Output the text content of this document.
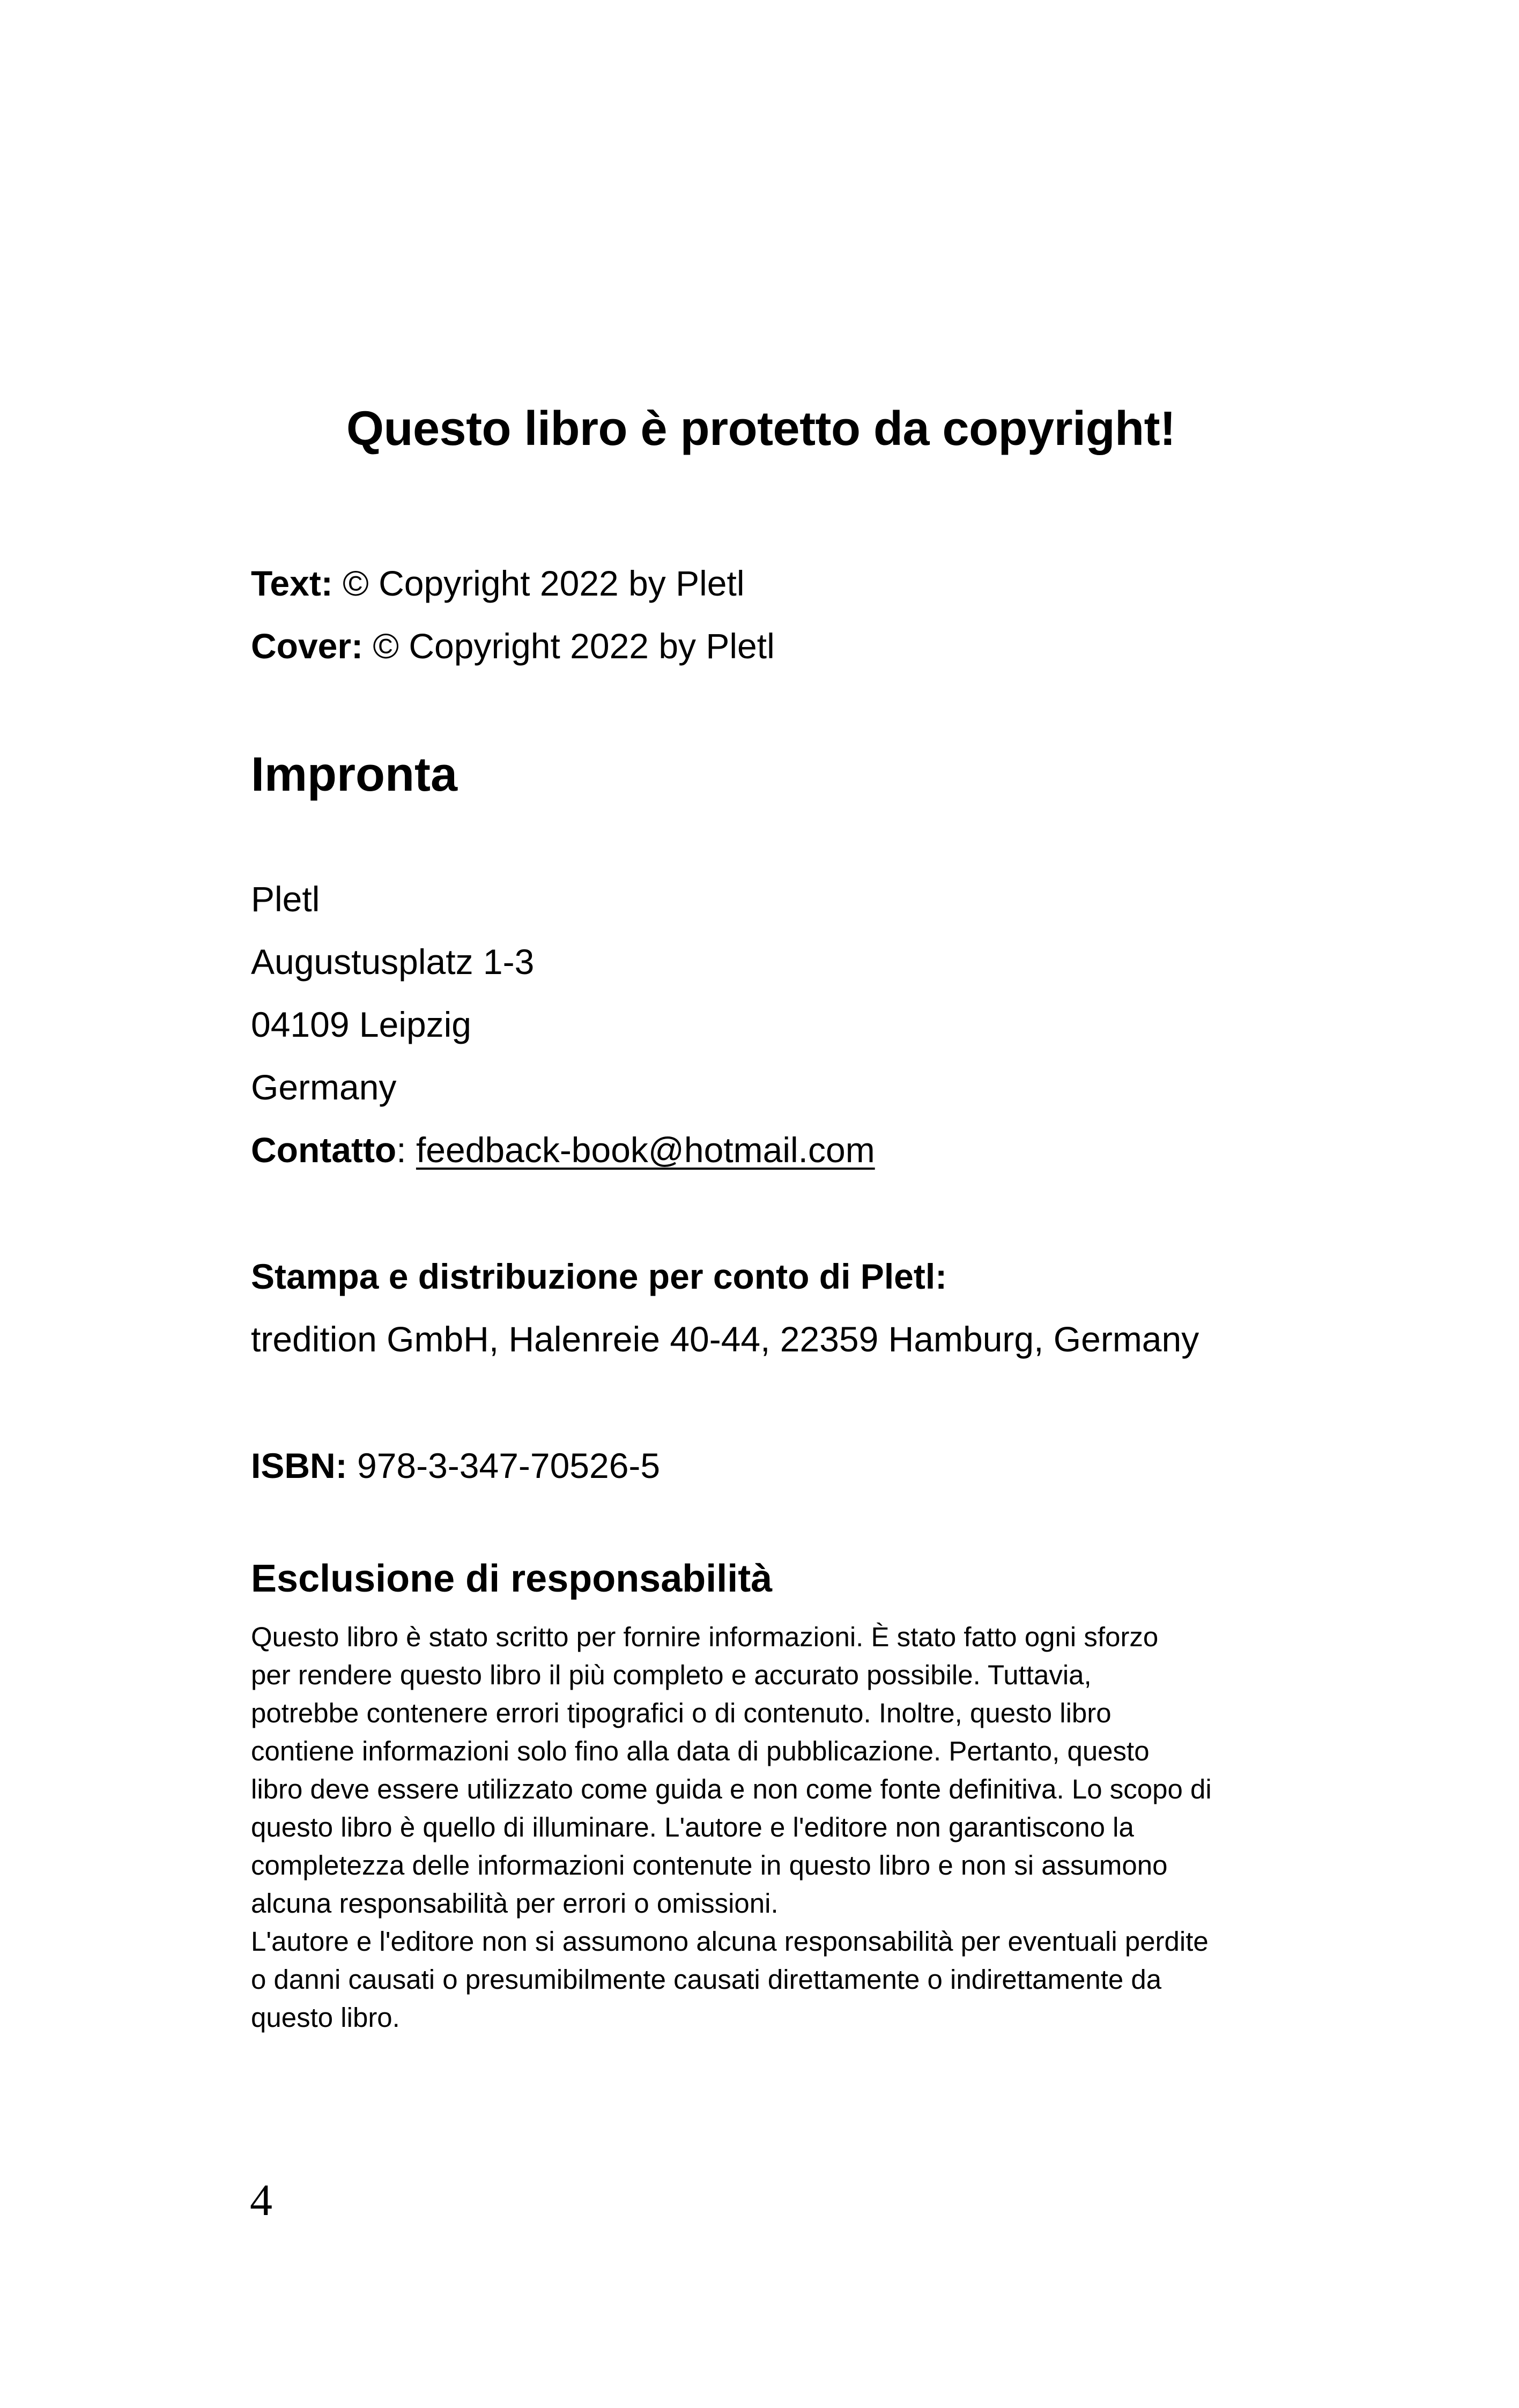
Questo libro è protetto da copyright!
Text: © Copyright 2022 by Pletl
Cover: © Copyright 2022 by Pletl
Impronta
Pletl
Augustusplatz 1-3
04109 Leipzig
Germany
Contatto: feedback-book@hotmail.com
Stampa e distribuzione per conto di Pletl:
tredition GmbH, Halenreie 40-44, 22359 Hamburg, Germany
ISBN: 978-3-347-70526-5
Esclusione di responsabilità

Questo libro è stato scritto per fornire informazioni. È stato fatto ogni sforzo

per rendere questo libro il più completo e accurato possibile. Tuttavia,

potrebbe contenere errori tipografici o di contenuto. Inoltre, questo libro

contiene informazioni solo fino alla data di pubblicazione. Pertanto, questo

libro deve essere utilizzato come guida e non come fonte definitiva. Lo scopo di

questo libro è quello di illuminare. L'autore e l'editore non garantiscono la

completezza delle informazioni contenute in questo libro e non si assumono

alcuna responsabilità per errori o omissioni.

L'autore e l'editore non si assumono alcuna responsabilità per eventuali perdite

o danni causati o presumibilmente causati direttamente o indirettamente da

questo libro.

4
